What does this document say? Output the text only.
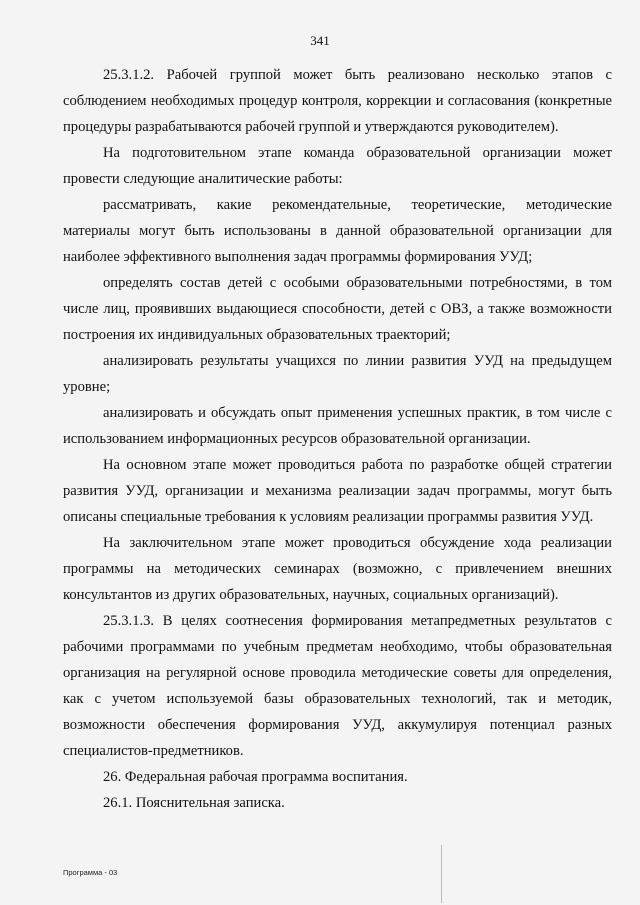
341

25.3.1.2. Рабочей группой может быть реализовано несколько этапов с соблюдением необходимых процедур контроля, коррекции и согласования (конкретные процедуры разрабатываются рабочей группой и утверждаются руководителем).

На подготовительном этапе команда образовательной организации может провести следующие аналитические работы:

рассматривать, какие рекомендательные, теоретические, методические материалы могут быть использованы в данной образовательной организации для наиболее эффективного выполнения задач программы формирования УУД;

определять состав детей с особыми образовательными потребностями, в том числе лиц, проявивших выдающиеся способности, детей с ОВЗ, а также возможности построения их индивидуальных образовательных траекторий;

анализировать результаты учащихся по линии развития УУД на предыдущем уровне;

анализировать и обсуждать опыт применения успешных практик, в том числе с использованием информационных ресурсов образовательной организации.

На основном этапе может проводиться работа по разработке общей стратегии развития УУД, организации и механизма реализации задач программы, могут быть описаны специальные требования к условиям реализации программы развития УУД.

На заключительном этапе может проводиться обсуждение хода реализации программы на методических семинарах (возможно, с привлечением внешних консультантов из других образовательных, научных, социальных организаций).

25.3.1.3. В целях соотнесения формирования метапредметных результатов с рабочими программами по учебным предметам необходимо, чтобы образовательная организация на регулярной основе проводила методические советы для определения, как с учетом используемой базы образовательных технологий, так и методик, возможности обеспечения формирования УУД, аккумулируя потенциал разных специалистов-предметников.

26. Федеральная рабочая программа воспитания.

26.1. Пояснительная записка.

Программа - 03
